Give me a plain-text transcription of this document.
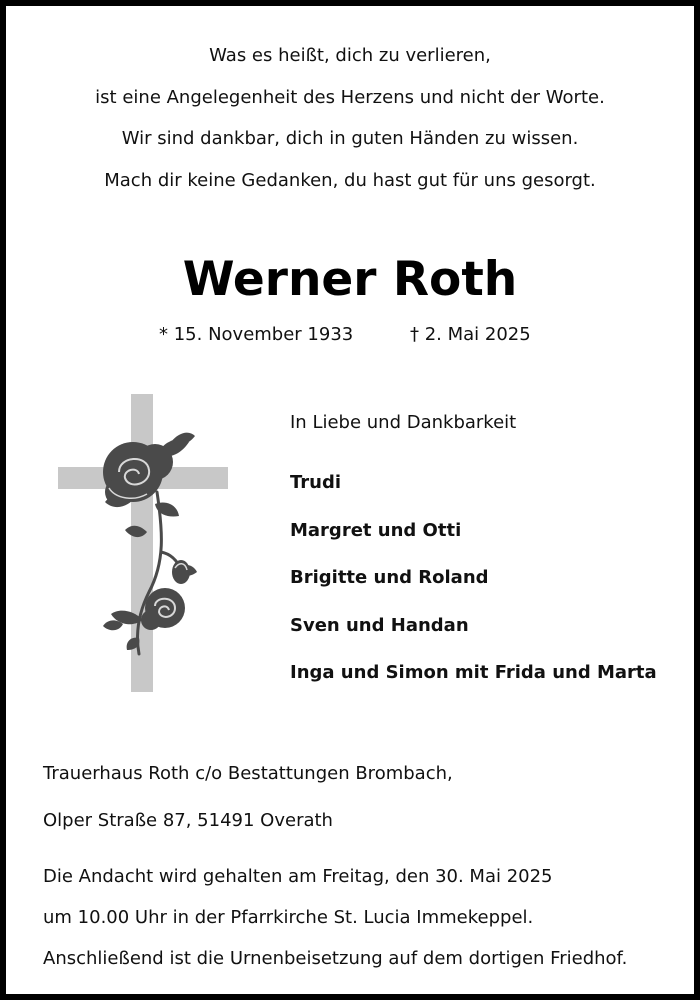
Was es heißt, dich zu verlieren,

ist eine Angelegenheit des Herzens und nicht der Worte.

Wir sind dankbar, dich in guten Händen zu wissen.

Mach dir keine Gedanken, du hast gut für uns gesorgt.

Werner Roth
* 15. November 1933	† 2. Mai 2025
In Liebe und Dankbarkeit

Trudi

Margret und Otti

Brigitte und Roland

Sven und Handan

Inga und Simon mit Frida und Marta

Trauerhaus Roth c/o Bestattungen Brombach,
Olper Straße 87, 51491 Overath

Die Andacht wird gehalten am Freitag, den 30. Mai 2025

um 10.00 Uhr in der Pfarrkirche St. Lucia Immekeppel.

Anschließend ist die Urnenbeisetzung auf dem dortigen Friedhof.
